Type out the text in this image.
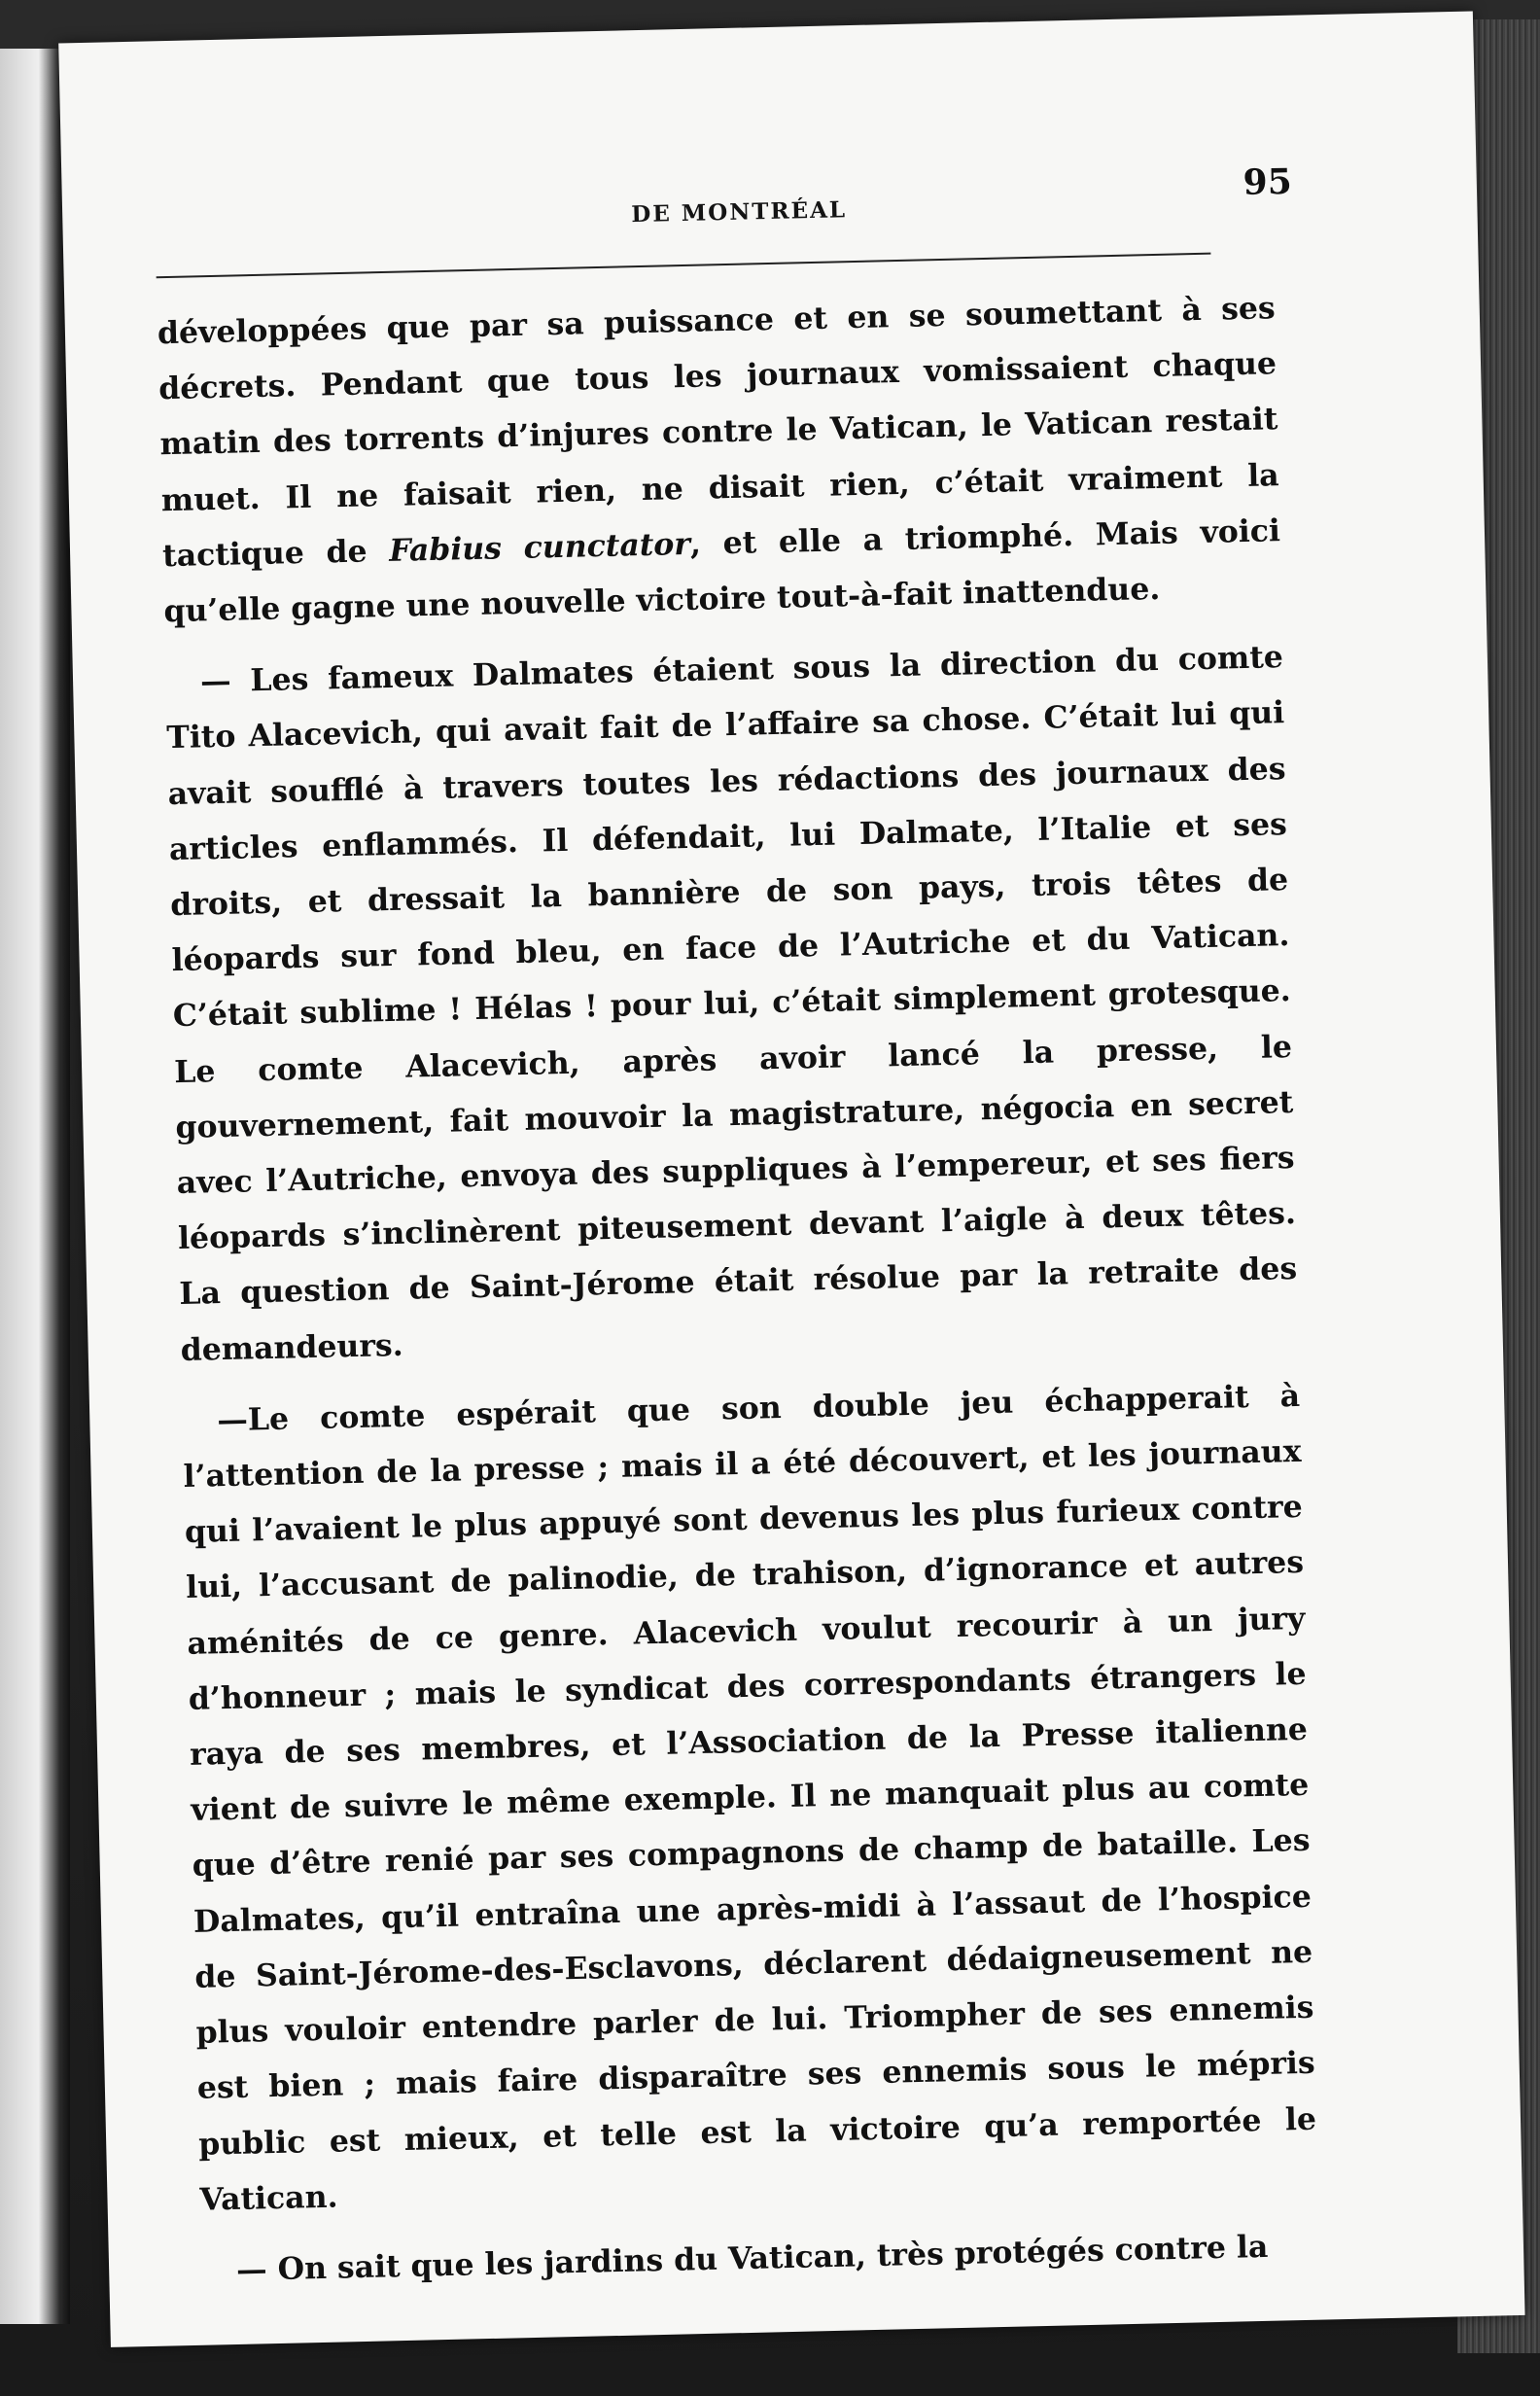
DE MONTRÉAL
95

développées que par sa puissance et en se soumettant à ses décrets. Pendant que tous les journaux vomissaient chaque matin des torrents d’injures contre le Vatican, le Vatican restait muet. Il ne faisait rien, ne disait rien, c’était vraiment la tactique de Fabius cunctator, et elle a triomphé. Mais voici qu’elle gagne une nouvelle victoire tout-à-fait inattendue.

— Les fameux Dalmates étaient sous la direction du comte Tito Alacevich, qui avait fait de l’affaire sa chose. C’était lui qui avait soufflé à travers toutes les rédactions des journaux des articles enflammés. Il défendait, lui Dalmate, l’Italie et ses droits, et dressait la bannière de son pays, trois têtes de léopards sur fond bleu, en face de l’Autriche et du Vatican. C’était sublime ! Hélas ! pour lui, c’était simplement grotesque. Le comte Alacevich, après avoir lancé la presse, le gouvernement, fait mouvoir la magistrature, négocia en secret avec l’Autriche, envoya des suppliques à l’empereur, et ses fiers léopards s’inclinèrent piteusement devant l’aigle à deux têtes. La question de Saint-Jérome était résolue par la retraite des demandeurs.

—Le comte espérait que son double jeu échapperait à l’attention de la presse ; mais il a été découvert, et les journaux qui l’avaient le plus appuyé sont devenus les plus furieux contre lui, l’accusant de palinodie, de trahison, d’ignorance et autres aménités de ce genre. Alacevich voulut recourir à un jury d’honneur ; mais le syndicat des correspondants étrangers le raya de ses membres, et l’Association de la Presse italienne vient de suivre le même exemple. Il ne manquait plus au comte que d’être renié par ses compagnons de champ de bataille. Les Dalmates, qu’il entraîna une après-midi à l’assaut de l’hospice de Saint-Jérome-des-Esclavons, déclarent dédaigneusement ne plus vouloir entendre parler de lui. Triompher de ses ennemis est bien ; mais faire disparaître ses ennemis sous le mépris public est mieux, et telle est la victoire qu’a remportée le Vatican.

— On sait que les jardins du Vatican, très protégés contre la
